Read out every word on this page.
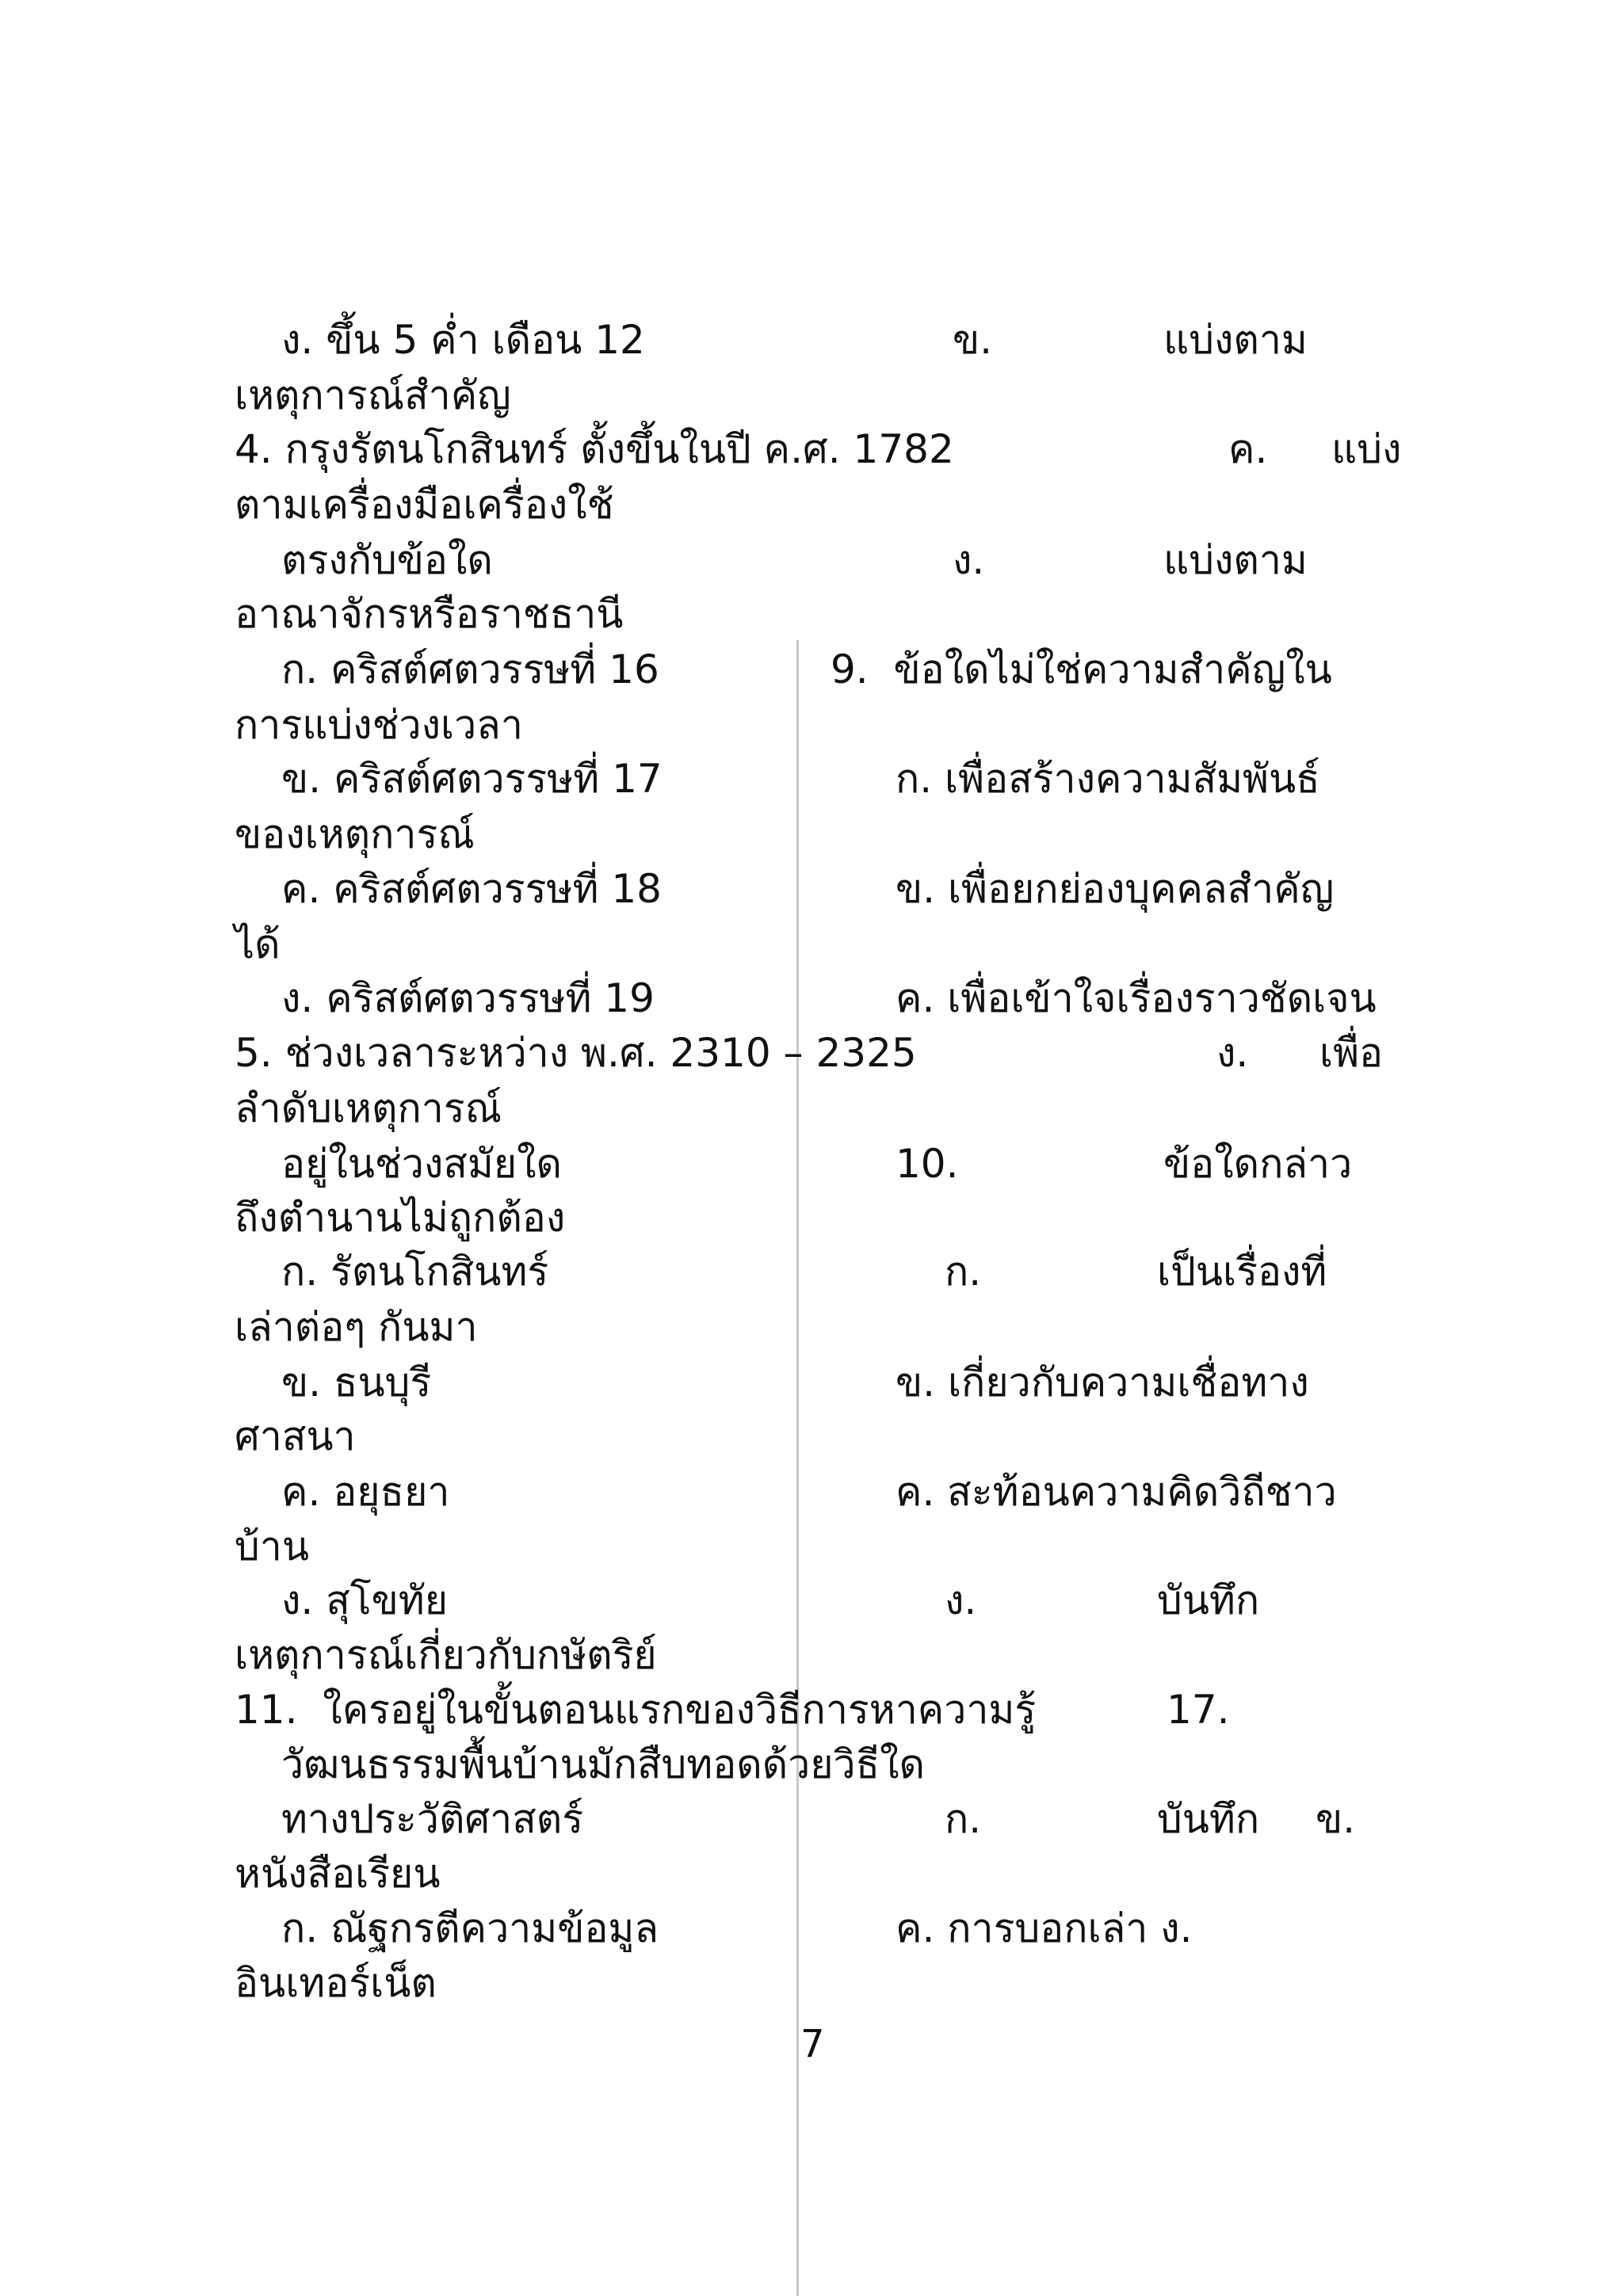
ง. ขึ้น 5 ค่ำ เดือน 12	ข.	แบ่งตาม
เหตุการณ์สำคัญ
4. กรุงรัตนโกสินทร์ ตั้งขึ้นในปี ค.ศ. 1782	ค. แบ่ง
ตามเครื่องมือเครื่องใช้
ตรงกับข้อใด	ง.	แบ่งตาม
อาณาจักรหรือราชธานี
ก. คริสต์ศตวรรษที่ 16	9.  ข้อใดไม่ใช่ความสำคัญใน
การแบ่งช่วงเวลา
ข. คริสต์ศตวรรษที่ 17	ก. เพื่อสร้างความสัมพันธ์
ของเหตุการณ์
ค. คริสต์ศตวรรษที่ 18	ข. เพื่อยกย่องบุคคลสำคัญ
ได้
ง. คริสต์ศตวรรษที่ 19	ค. เพื่อเข้าใจเรื่องราวชัดเจน
5. ช่วงเวลาระหว่าง พ.ศ. 2310 – 2325	ง. เพื่อ
ลำดับเหตุการณ์
อยู่ในช่วงสมัยใด	10.	ข้อใดกล่าว
ถึงตำนานไม่ถูกต้อง
ก. รัตนโกสินทร์	ก.	เป็นเรื่องที่
เล่าต่อๆ กันมา
ข. ธนบุรี	ข. เกี่ยวกับความเชื่อทาง
ศาสนา
ค. อยุธยา	ค. สะท้อนความคิดวิถีชาว
บ้าน
ง. สุโขทัย	ง.	บันทึก
เหตุการณ์เกี่ยวกับกษัตริย์
11.  ใครอยู่ในขั้นตอนแรกของวิธีการหาความรู้	17.
วัฒนธรรมพื้นบ้านมักสืบทอดด้วยวิธีใด
ทางประวัติศาสตร์	ก.	บันทึก ข.
หนังสือเรียน
ก. ณัฐกรตีความข้อมูล	ค. การบอกเล่า ง.
อินเทอร์เน็ต
7
